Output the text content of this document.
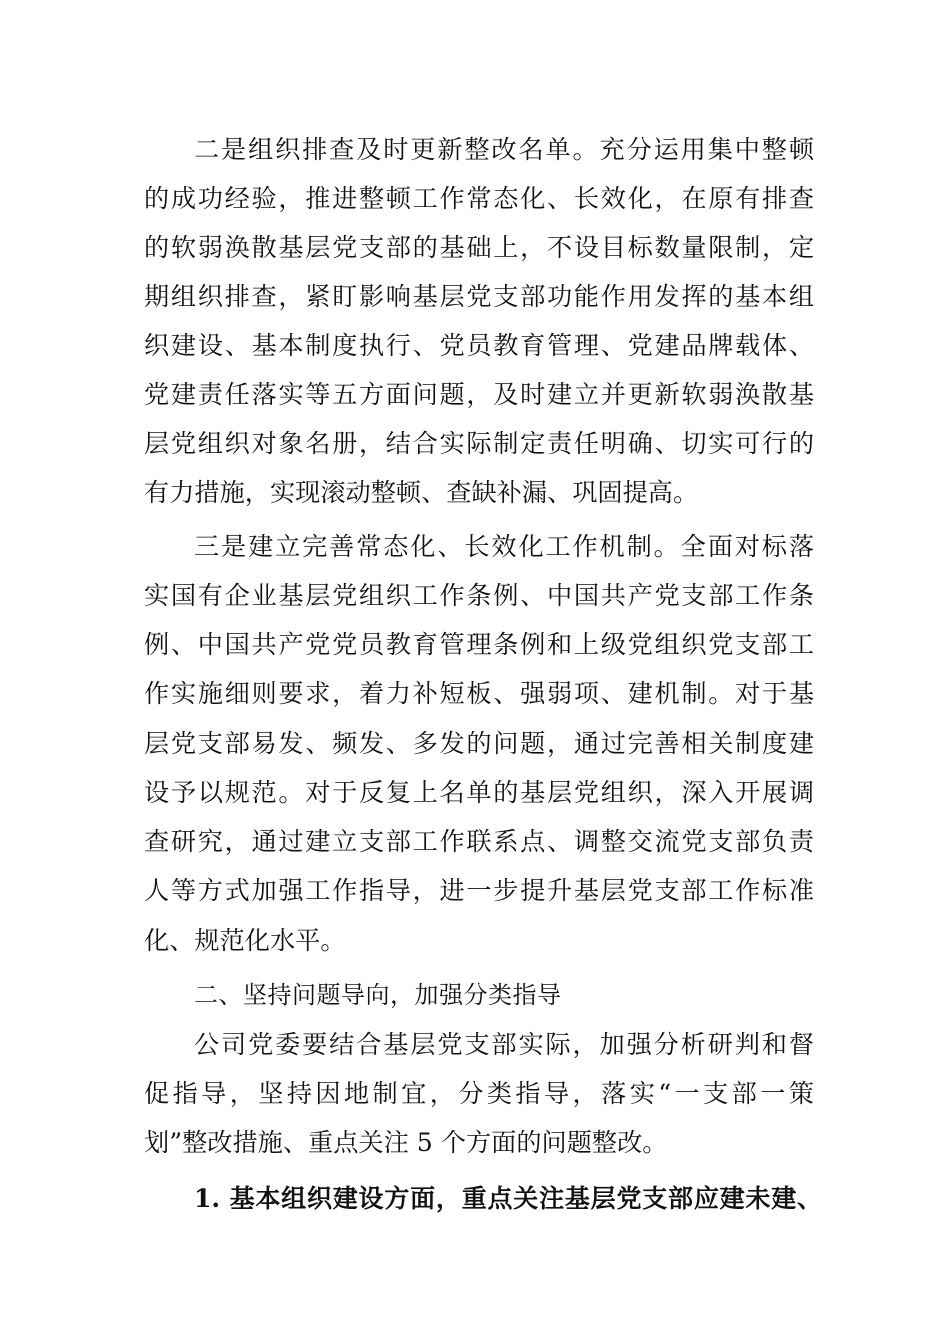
二是组织排查及时更新整改名单。充分运用集中整顿
的成功经验，推进整顿工作常态化、长效化，在原有排查
的软弱涣散基层党支部的基础上，不设目标数量限制，定
期组织排查，紧盯影响基层党支部功能作用发挥的基本组
织建设、基本制度执行、党员教育管理、党建品牌载体、
党建责任落实等五方面问题，及时建立并更新软弱涣散基
层党组织对象名册，结合实际制定责任明确、切实可行的
有力措施，实现滚动整顿、查缺补漏、巩固提高。
三是建立完善常态化、长效化工作机制。全面对标落
实国有企业基层党组织工作条例、中国共产党支部工作条
例、中国共产党党员教育管理条例和上级党组织党支部工
作实施细则要求，着力补短板、强弱项、建机制。对于基
层党支部易发、频发、多发的问题，通过完善相关制度建
设予以规范。对于反复上名单的基层党组织，深入开展调
查研究，通过建立支部工作联系点、调整交流党支部负责
人等方式加强工作指导，进一步提升基层党支部工作标准
化、规范化水平。
二、坚持问题导向，加强分类指导
公司党委要结合基层党支部实际，加强分析研判和督
促指导，坚持因地制宜，分类指导，落实“一支部一策
划”整改措施、重点关注 5 个方面的问题整改。
1. 基本组织建设方面，重点关注基层党支部应建未建、
